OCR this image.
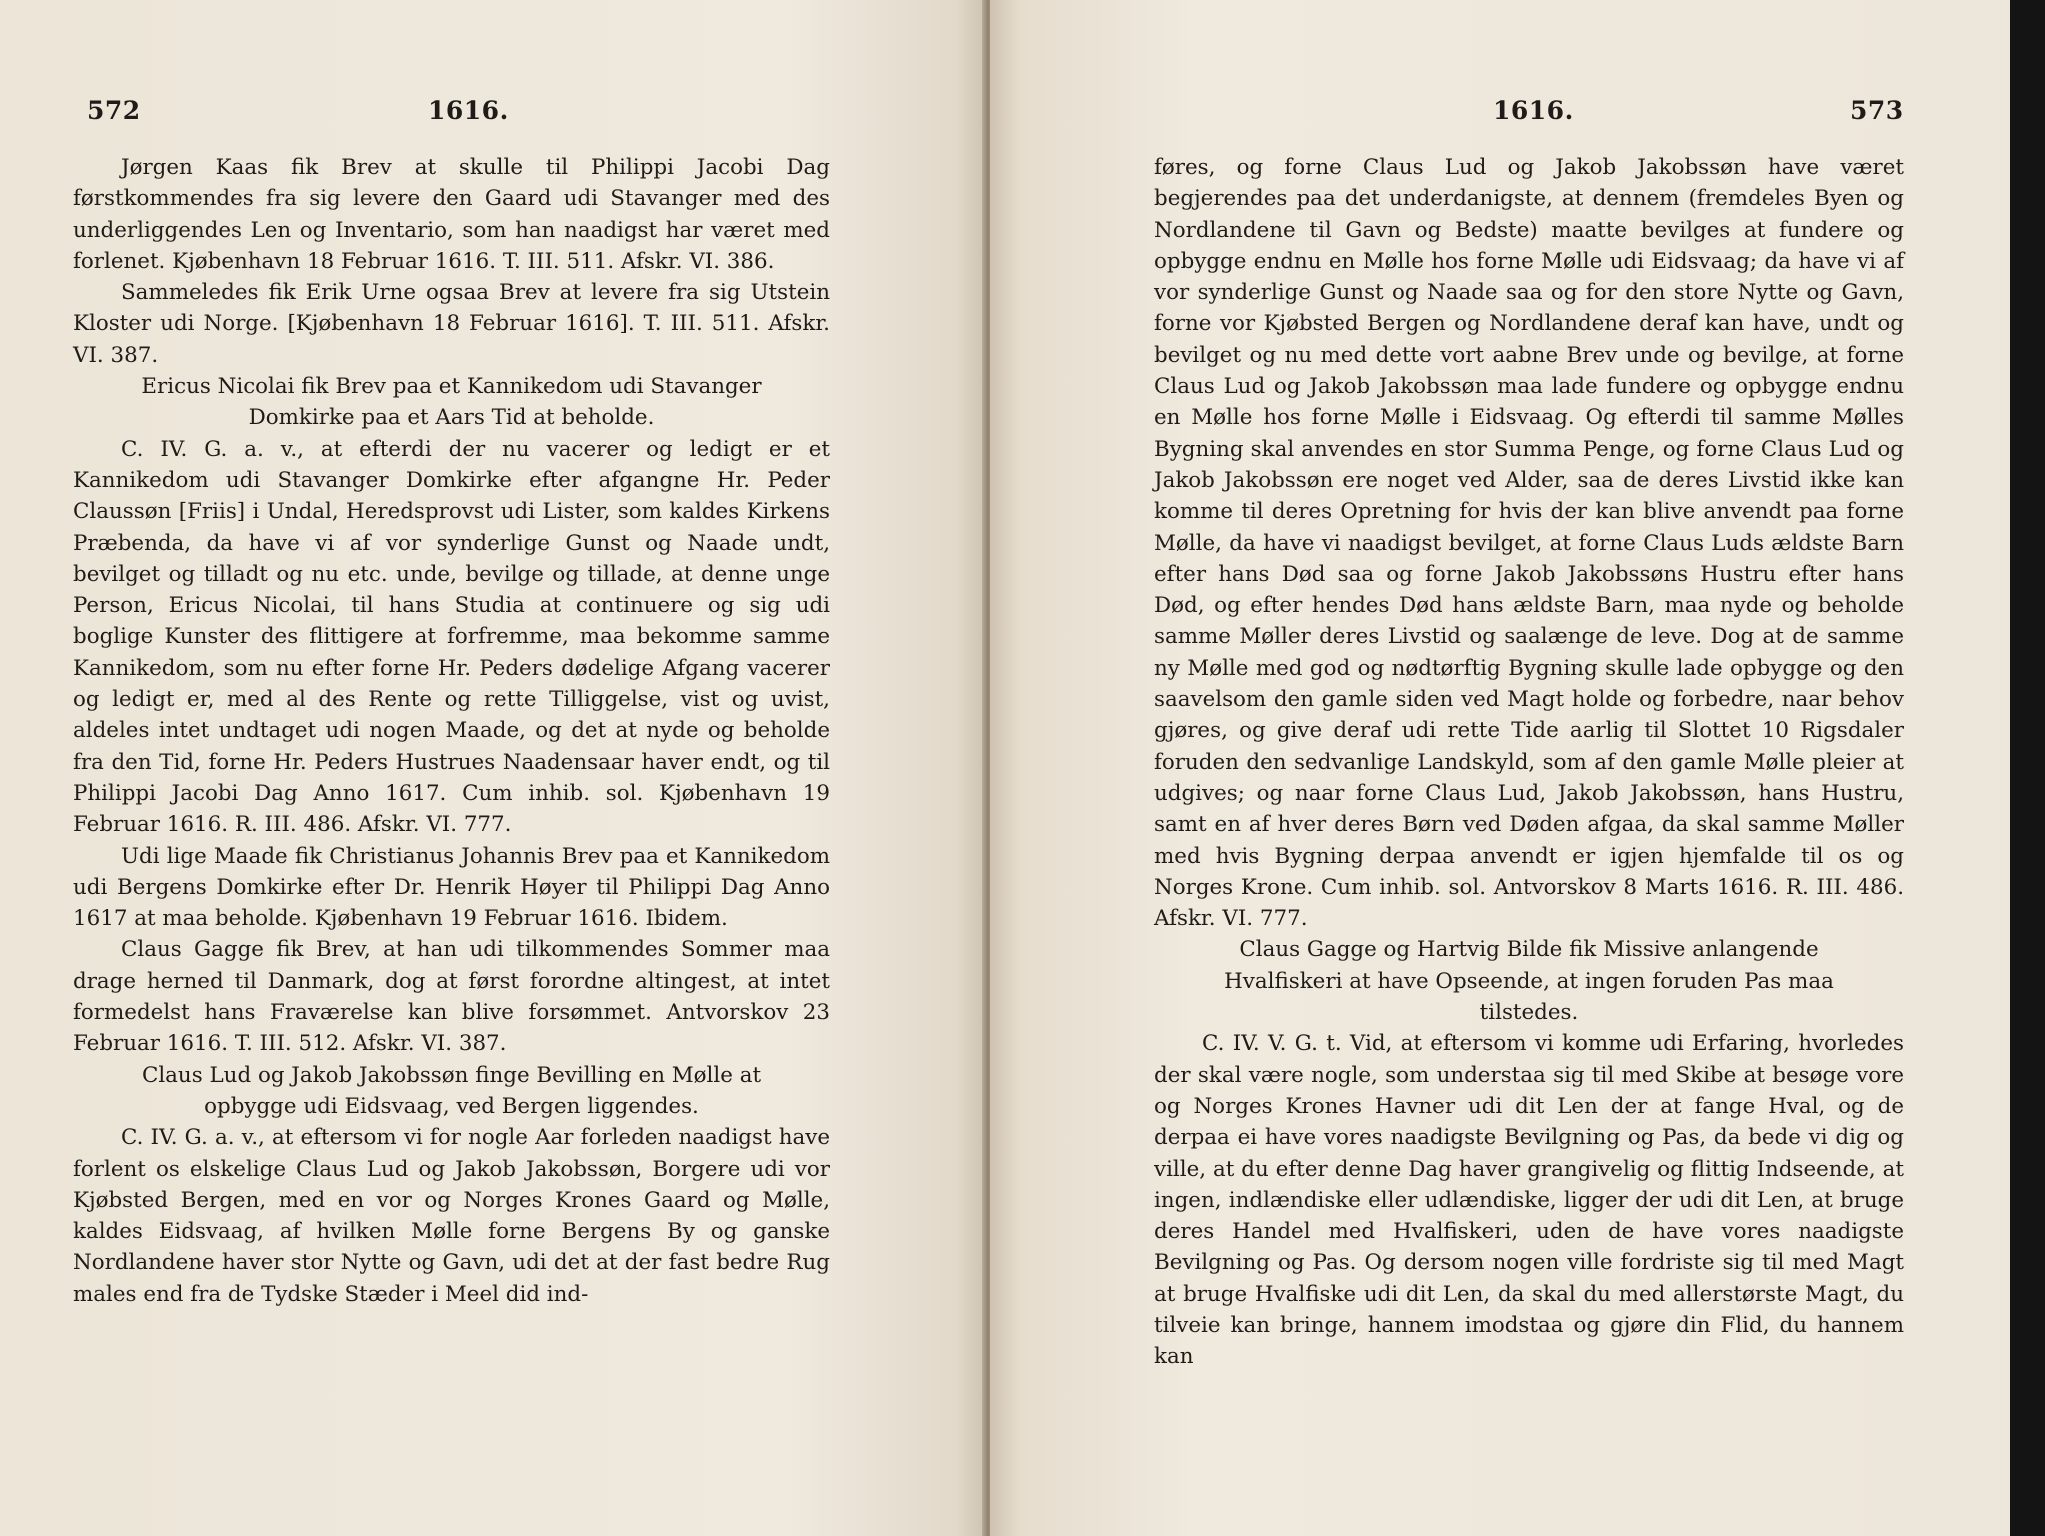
572	1616.

Jørgen Kaas fik Brev at skulle til Philippi Jacobi Dag førstkommendes fra sig levere den Gaard udi Stavanger med des underliggendes Len og Inventario, som han naadigst har været med forlenet. Kjøbenhavn 18 Februar 1616. T. III. 511. Afskr. VI. 386.

Sammeledes fik Erik Urne ogsaa Brev at levere fra sig Utstein Kloster udi Norge. [Kjøbenhavn 18 Februar 1616]. T. III. 511. Afskr. VI. 387.

Ericus Nicolai fik Brev paa et Kannikedom udi Stavanger Domkirke paa et Aars Tid at beholde.

C. IV. G. a. v., at efterdi der nu vacerer og ledigt er et Kannikedom udi Stavanger Domkirke efter afgangne Hr. Peder Claussøn [Friis] i Undal, Heredsprovst udi Lister, som kaldes Kirkens Præbenda, da have vi af vor synderlige Gunst og Naade undt, bevilget og tilladt og nu etc. unde, bevilge og tillade, at denne unge Person, Ericus Nicolai, til hans Studia at continuere og sig udi boglige Kunster des flittigere at forfremme, maa bekomme samme Kannikedom, som nu efter forne Hr. Peders dødelige Afgang vacerer og ledigt er, med al des Rente og rette Tilliggelse, vist og uvist, aldeles intet undtaget udi nogen Maade, og det at nyde og beholde fra den Tid, forne Hr. Peders Hustrues Naadensaar haver endt, og til Philippi Jacobi Dag Anno 1617. Cum inhib. sol. Kjøbenhavn 19 Februar 1616. R. III. 486. Afskr. VI. 777.

Udi lige Maade fik Christianus Johannis Brev paa et Kannikedom udi Bergens Domkirke efter Dr. Henrik Høyer til Philippi Dag Anno 1617 at maa beholde. Kjøbenhavn 19 Februar 1616. Ibidem.

Claus Gagge fik Brev, at han udi tilkommendes Sommer maa drage herned til Danmark, dog at først forordne altingest, at intet formedelst hans Fraværelse kan blive forsømmet. Antvorskov 23 Februar 1616. T. III. 512. Afskr. VI. 387.

Claus Lud og Jakob Jakobssøn finge Bevilling en Mølle at opbygge udi Eidsvaag, ved Bergen liggendes.

C. IV. G. a. v., at eftersom vi for nogle Aar forleden naadigst have forlent os elskelige Claus Lud og Jakob Jakobssøn, Borgere udi vor Kjøbsted Bergen, med en vor og Norges Krones Gaard og Mølle, kaldes Eidsvaag, af hvilken Mølle forne Bergens By og ganske Nordlandene haver stor Nytte og Gavn, udi det at der fast bedre Rug males end fra de Tydske Stæder i Meel did ind-

1616.	573

føres, og forne Claus Lud og Jakob Jakobssøn have været begjerendes paa det underdanigste, at dennem (fremdeles Byen og Nordlandene til Gavn og Bedste) maatte bevilges at fundere og opbygge endnu en Mølle hos forne Mølle udi Eidsvaag; da have vi af vor synderlige Gunst og Naade saa og for den store Nytte og Gavn, forne vor Kjøbsted Bergen og Nordlandene deraf kan have, undt og bevilget og nu med dette vort aabne Brev unde og bevilge, at forne Claus Lud og Jakob Jakobssøn maa lade fundere og opbygge endnu en Mølle hos forne Mølle i Eidsvaag. Og efterdi til samme Mølles Bygning skal anvendes en stor Summa Penge, og forne Claus Lud og Jakob Jakobssøn ere noget ved Alder, saa de deres Livstid ikke kan komme til deres Opretning for hvis der kan blive anvendt paa forne Mølle, da have vi naadigst bevilget, at forne Claus Luds ældste Barn efter hans Død saa og forne Jakob Jakobssøns Hustru efter hans Død, og efter hendes Død hans ældste Barn, maa nyde og beholde samme Møller deres Livstid og saalænge de leve. Dog at de samme ny Mølle med god og nødtørftig Bygning skulle lade opbygge og den saavelsom den gamle siden ved Magt holde og forbedre, naar behov gjøres, og give deraf udi rette Tide aarlig til Slottet 10 Rigsdaler foruden den sedvanlige Landskyld, som af den gamle Mølle pleier at udgives; og naar forne Claus Lud, Jakob Jakobssøn, hans Hustru, samt en af hver deres Børn ved Døden afgaa, da skal samme Møller med hvis Bygning derpaa anvendt er igjen hjemfalde til os og Norges Krone. Cum inhib. sol. Antvorskov 8 Marts 1616. R. III. 486. Afskr. VI. 777.

Claus Gagge og Hartvig Bilde fik Missive anlangende Hvalfiskeri at have Opseende, at ingen foruden Pas maa tilstedes.

C. IV. V. G. t. Vid, at eftersom vi komme udi Erfaring, hvorledes der skal være nogle, som understaa sig til med Skibe at besøge vore og Norges Krones Havner udi dit Len der at fange Hval, og de derpaa ei have vores naadigste Bevilgning og Pas, da bede vi dig og ville, at du efter denne Dag haver grangivelig og flittig Indseende, at ingen, indlændiske eller udlændiske, ligger der udi dit Len, at bruge deres Handel med Hvalfiskeri, uden de have vores naadigste Bevilgning og Pas. Og dersom nogen ville fordriste sig til med Magt at bruge Hvalfiske udi dit Len, da skal du med allerstørste Magt, du tilveie kan bringe, hannem imodstaa og gjøre din Flid, du hannem kan
